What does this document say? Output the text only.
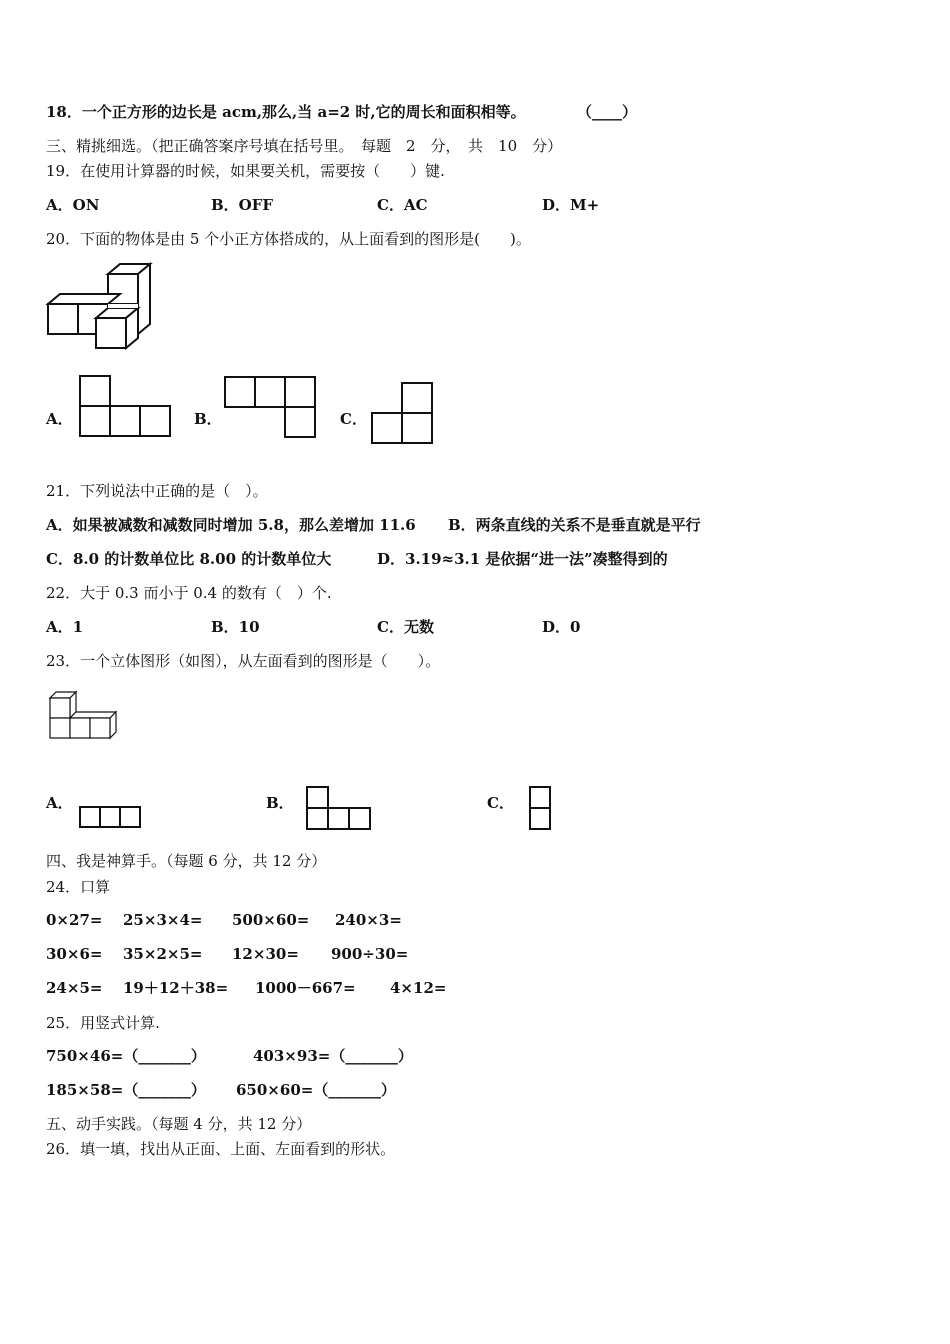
18．一个正方形的边长是 acm,那么,当 a=2 时,它的周长和面积相等。	（____）
三、精挑细选。（把正确答案序号填在括号里。　每题　2　分，　共　10　分）
19．在使用计算器的时候，如果要关机，需要按（　　）键.
A．ON	B．OFF	C．AC	D．M+
20．下面的物体是由 5 个小正方体搭成的，从上面看到的图形是(　　)。
A．	B．	C．
21．下列说法中正确的是（　）。
A．如果被减数和减数同时增加 5.8，那么差增加 11.6 B．两条直线的关系不是垂直就是平行
C．8.0 的计数单位比 8.00 的计数单位大	D．3.19≈3.1 是依据“进一法”凑整得到的
22．大于 0.3 而小于 0.4 的数有（　）个.
A．1	B．10	C．无数	D．0
23．一个立体图形（如图），从左面看到的图形是（　　）。
A．	B．	C．
四、我是神算手。（每题 6 分，共 12 分）
24．口算
0×27= 25×3×4= 500×60= 240×3=
30×6= 35×2×5= 12×30= 900÷30=
24×5= 19＋12＋38= 1000－667= 4×12=
25．用竖式计算.
750×46=（_______）	403×93=（_______）
185×58=（_______） 650×60=（_______）
五、动手实践。（每题 4 分，共 12 分）
26．填一填，找出从正面、上面、左面看到的形状。
